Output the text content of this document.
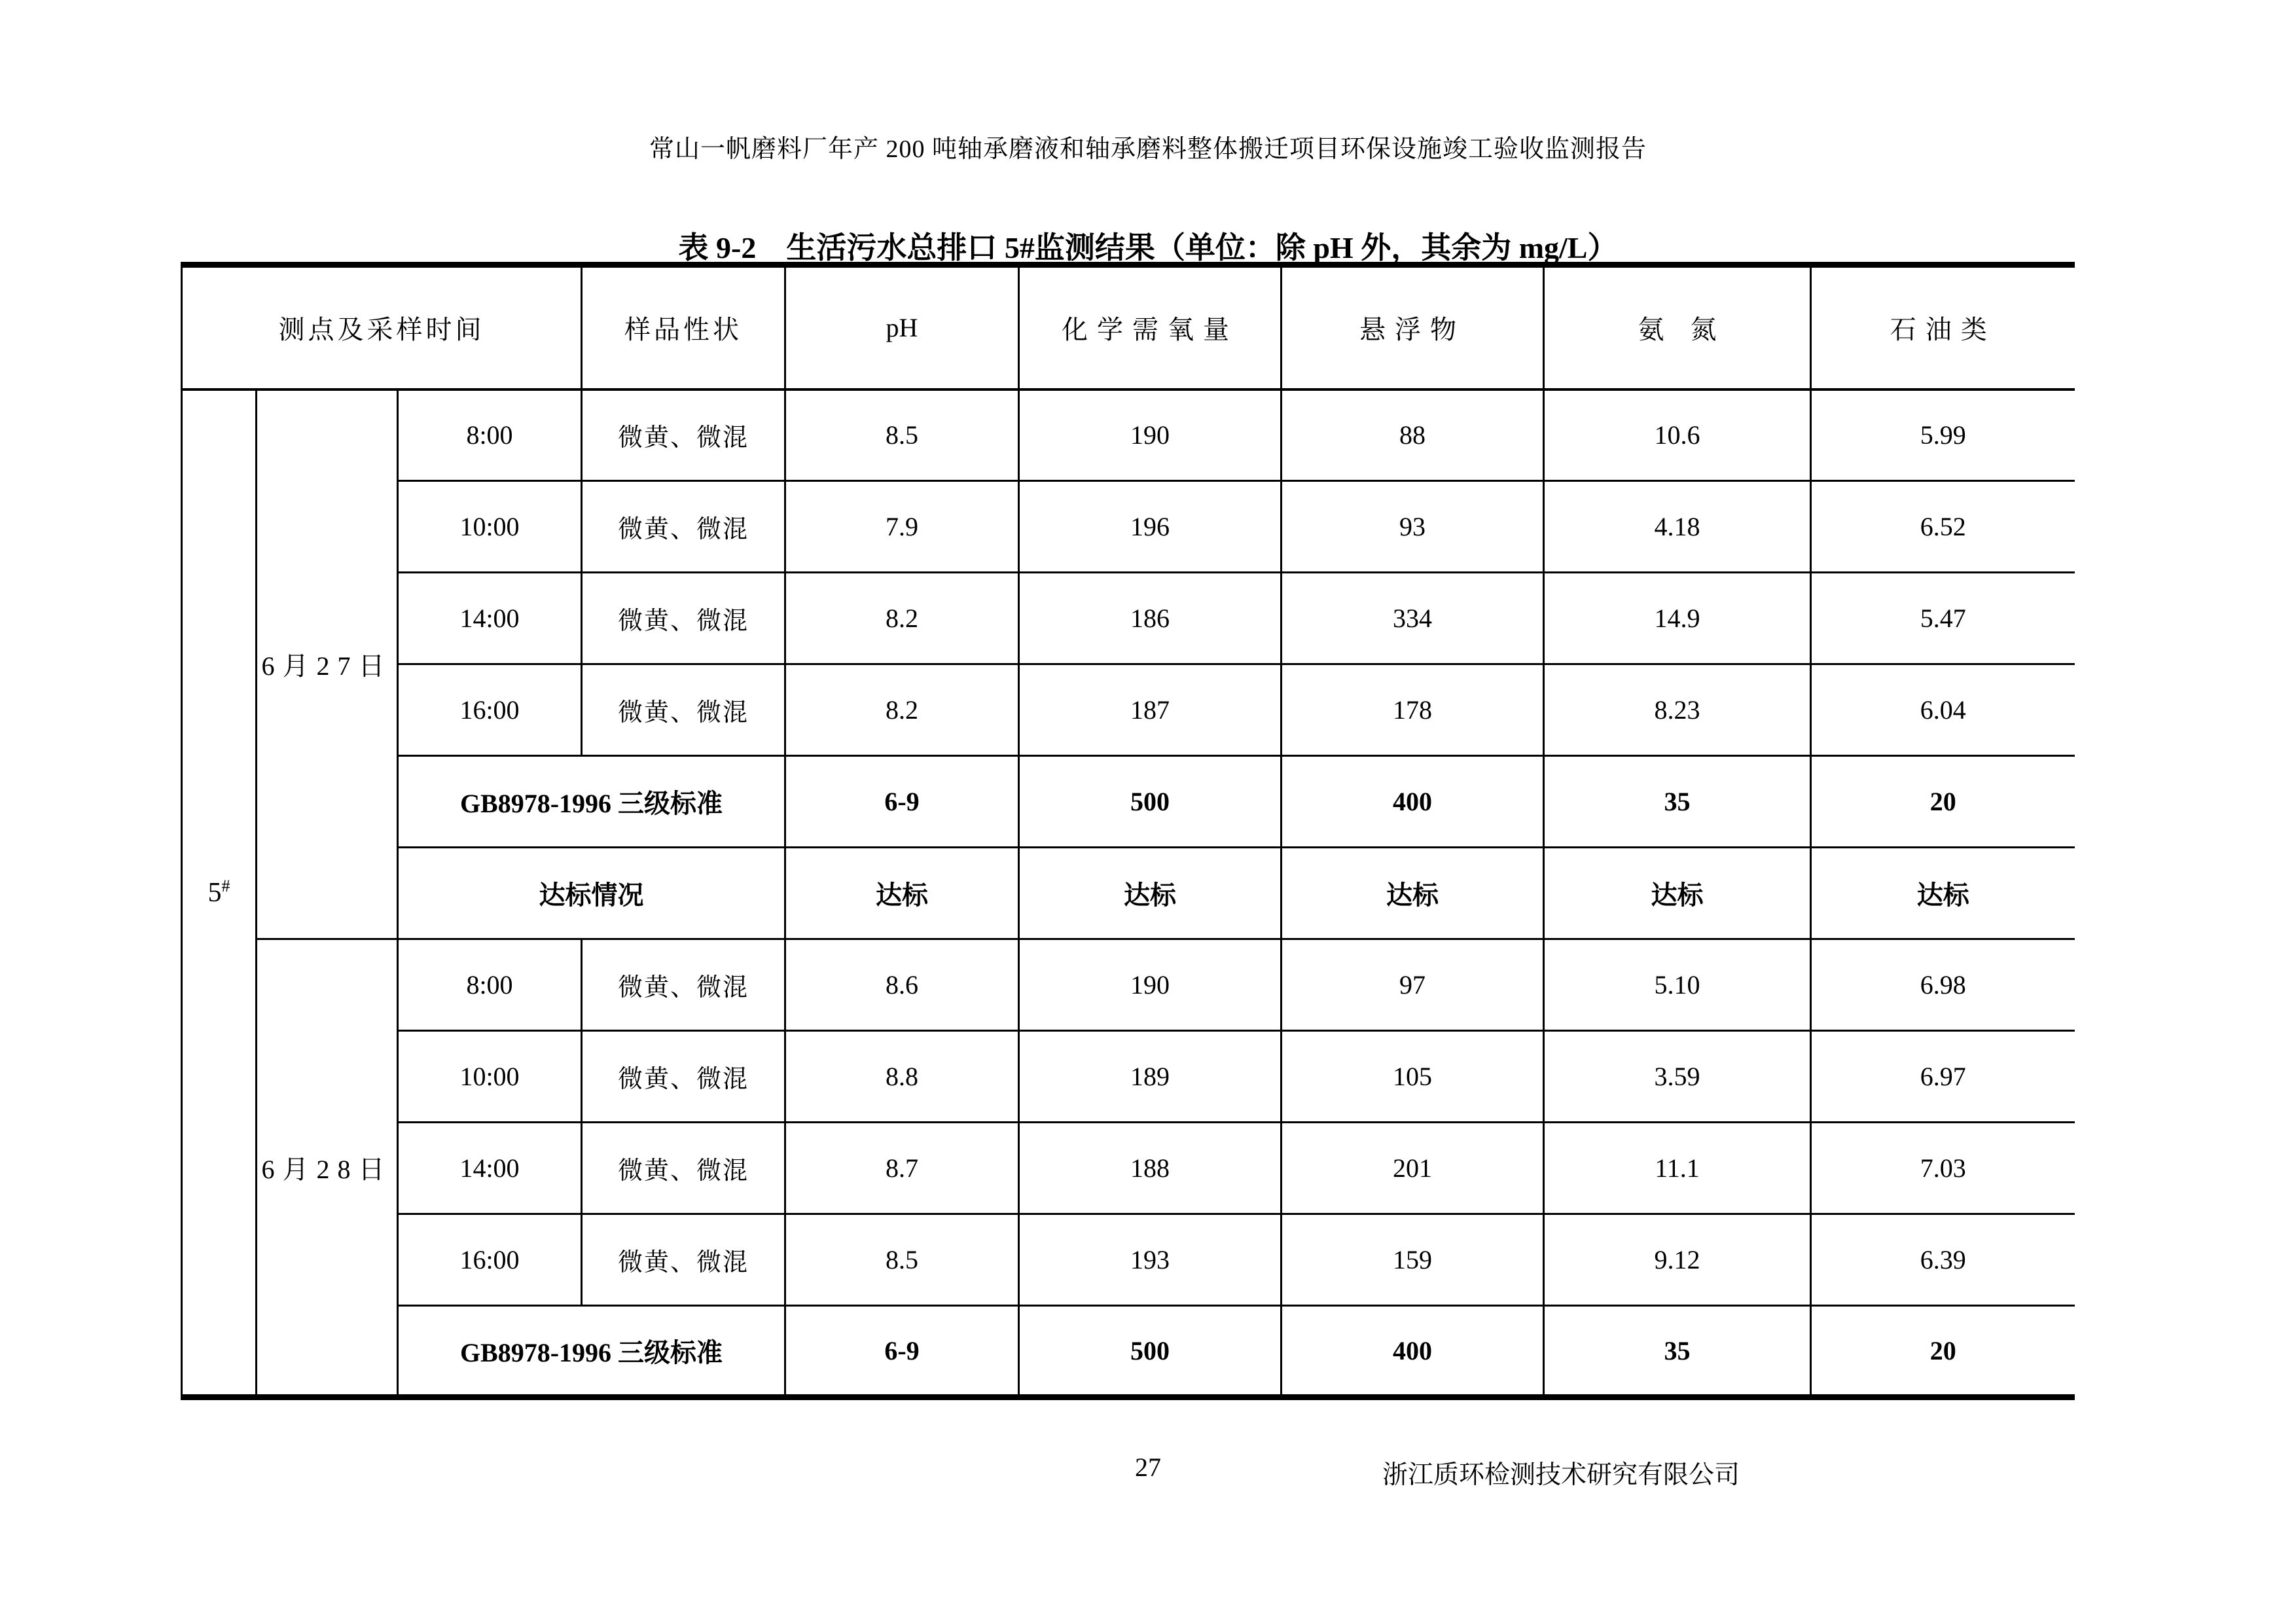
常山一帆磨料厂年产 200 吨轴承磨液和轴承磨料整体搬迁项目环保设施竣工验收监测报告
表 9-2　生活污水总排口 5#监测结果（单位：除 pH 外，其余为 mg/L）
测点及采样时间			样品性状	pH	化学需氧量	悬浮物	氨　氮	石油类
5#	6月27日	8:00	微黄、微混	8.5	190	88	10.6	5.99
		10:00	微黄、微混	7.9	196	93	4.18	6.52
		14:00	微黄、微混	8.2	186	334	14.9	5.47
		16:00	微黄、微混	8.2	187	178	8.23	6.04
		GB8978-1996 三级标准		6-9	500	400	35	20
		达标情况		达标	达标	达标	达标	达标
	6月28日	8:00	微黄、微混	8.6	190	97	5.10	6.98
		10:00	微黄、微混	8.8	189	105	3.59	6.97
		14:00	微黄、微混	8.7	188	201	11.1	7.03
		16:00	微黄、微混	8.5	193	159	9.12	6.39
		GB8978-1996 三级标准		6-9	500	400	35	20
27	浙江质环检测技术研究有限公司
